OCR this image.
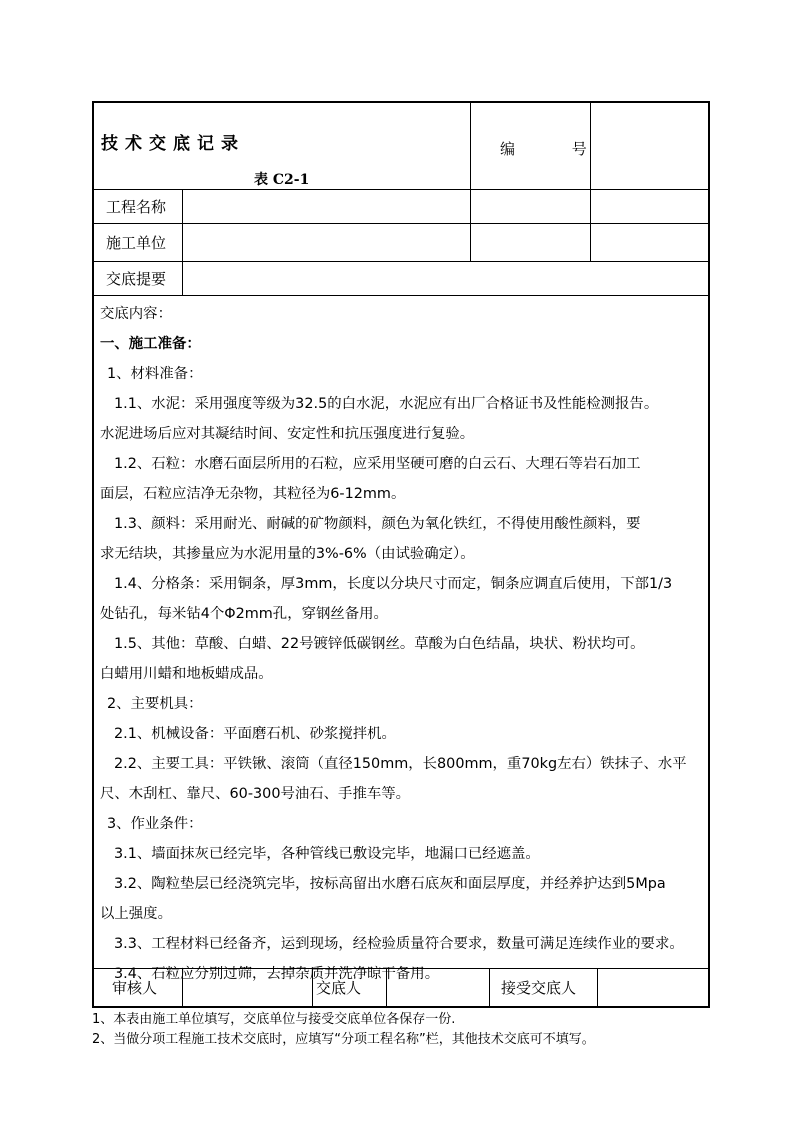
技术交底记录
表 C2-1
编 号
工程名称
施工单位
交底提要
交底内容：
一、施工准备：
1、材料准备：
1.1、水泥：采用强度等级为32.5的白水泥，水泥应有出厂合格证书及性能检测报告。
水泥进场后应对其凝结时间、安定性和抗压强度进行复验。
1.2、石粒：水磨石面层所用的石粒，应采用坚硬可磨的白云石、大理石等岩石加工
面层，石粒应洁净无杂物，其粒径为6-12mm。
1.3、颜料：采用耐光、耐碱的矿物颜料，颜色为氧化铁红，不得使用酸性颜料，要
求无结块，其掺量应为水泥用量的3%-6%（由试验确定）。
1.4、分格条：采用铜条，厚3mm，长度以分块尺寸而定，铜条应调直后使用，下部1/3
处钻孔，每米钻4个Φ2mm孔，穿钢丝备用。
1.5、其他：草酸、白蜡、22号镀锌低碳钢丝。草酸为白色结晶，块状、粉状均可。
白蜡用川蜡和地板蜡成品。
2、主要机具：
2.1、机械设备：平面磨石机、砂浆搅拌机。
2.2、主要工具：平铁锹、滚筒（直径150mm，长800mm，重70kg左右）铁抹子、水平
尺、木刮杠、靠尺、60-300号油石、手推车等。
3、作业条件：
3.1、墙面抹灰已经完毕，各种管线已敷设完毕，地漏口已经遮盖。
3.2、陶粒垫层已经浇筑完毕，按标高留出水磨石底灰和面层厚度，并经养护达到5Mpa
以上强度。
3.3、工程材料已经备齐，运到现场，经检验质量符合要求，数量可满足连续作业的要求。
3.4、石粒应分别过筛，去掉杂质并洗净晾干备用。
审核人	交底人	接受交底人
1、本表由施工单位填写，交底单位与接受交底单位各保存一份.
2、当做分项工程施工技术交底时，应填写“分项工程名称”栏，其他技术交底可不填写。
